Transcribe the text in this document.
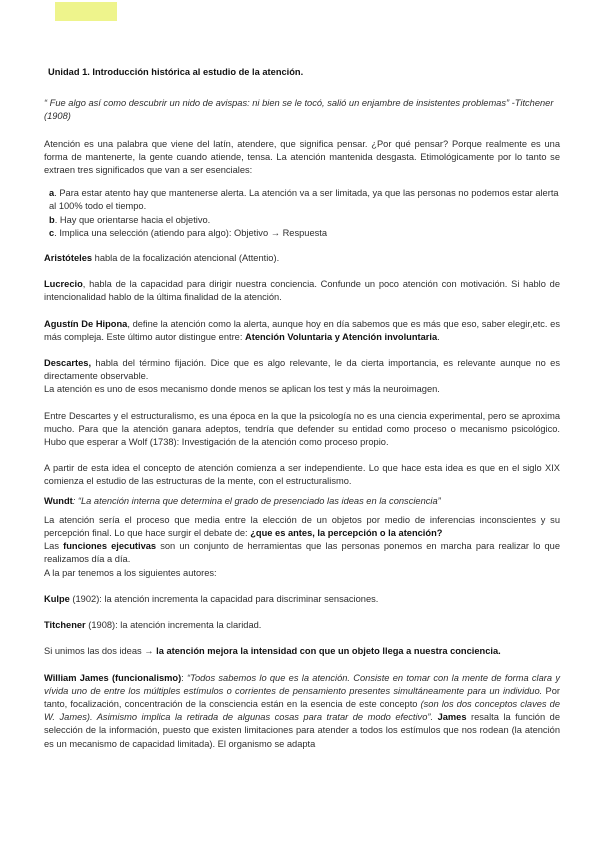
Unidad 1. Introducción histórica al estudio de la atención.
“ Fue algo así como descubrir un nido de avispas: ni bien se le tocó, salió un enjambre de insistentes problemas” -Titchener (1908)

Atención es una palabra que viene del latín, atendere, que significa pensar. ¿Por qué pensar? Porque realmente es una forma de mantenerte, la gente cuando atiende, tensa. La atención mantenida desgasta. Etimológicamente por lo tanto se extraen tres significados que van a ser esenciales:

a. Para estar atento hay que mantenerse alerta. La atención va a ser limitada, ya que las personas no podemos estar alerta al 100% todo el tiempo.
b. Hay que orientarse hacia el objetivo.
c. Implica una selección (atiendo para algo): Objetivo → Respuesta

Aristóteles habla de la focalización atencional (Attentio).

Lucrecio, habla de la capacidad para dirigir nuestra conciencia. Confunde un poco atención con motivación. Si hablo de intencionalidad hablo de la última finalidad de la atención.

Agustín De Hipona, define la atención como la alerta, aunque hoy en día sabemos que es más que eso, saber elegir,etc. es más compleja. Este último autor distingue entre: Atención Voluntaria y Atención involuntaria.

Descartes, habla del término fijación. Dice que es algo relevante, le da cierta importancia, es relevante aunque no es directamente observable.
La atención es uno de esos mecanismo donde menos se aplican los test y más la neuroimagen.

Entre Descartes y el estructuralismo, es una época en la que la psicología no es una ciencia experimental, pero se aproxima mucho. Para que la atención ganara adeptos, tendría que defender su entidad como proceso o mecanismo psicológico. Hubo que esperar a Wolf (1738): Investigación de la atención como proceso propio.

A partir de esta idea el concepto de atención comienza a ser independiente. Lo que hace esta idea es que en el siglo XIX comienza el estudio de las estructuras de la mente, con el estructuralismo.

Wundt: “La atención interna que determina el grado de presenciado las ideas en la consciencia”

La atención sería el proceso que media entre la elección de un objetos por medio de inferencias inconscientes y su percepción final. Lo que hace surgir el debate de: ¿que es antes, la percepción o la atención?

Las funciones ejecutivas son un conjunto de herramientas que las personas ponemos en marcha para realizar lo que realizamos día a día.

A la par tenemos a los siguientes autores:

Kulpe (1902): la atención incrementa la capacidad para discriminar sensaciones.

Titchener (1908): la atención incrementa la claridad.

Si unimos las dos ideas → la atención mejora la intensidad con que un objeto llega a nuestra conciencia.

William James (funcionalismo): “Todos sabemos lo que es la atención. Consiste en tomar con la mente de forma clara y vívida uno de entre los múltiples estímulos o corrientes de pensamiento presentes simultáneamente para un individuo. Por tanto, focalización, concentración de la consciencia están en la esencia de este concepto (son los dos conceptos claves de W. James). Asimismo implica la retirada de algunas cosas para tratar de modo efectivo”. James resalta la función de selección de la información, puesto que existen limitaciones para atender a todos los estímulos que nos rodean (la atención es un mecanismo de capacidad limitada). El organismo se adapta
